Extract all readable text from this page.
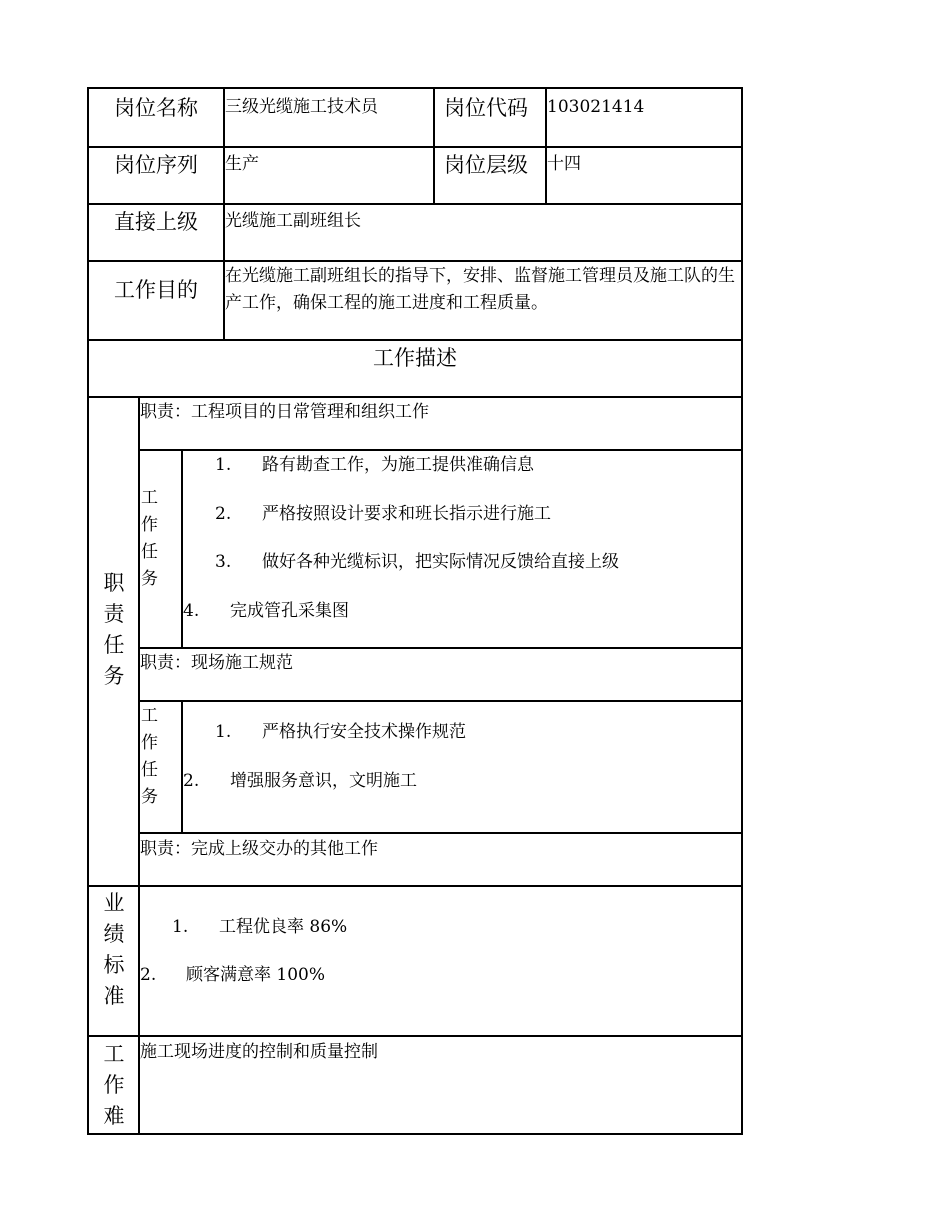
岗位名称 三级光缆施工技术员	岗位代码 103021414
岗位序列 生产	岗位层级 十四
直接上级 光缆施工副班组长
工作目的
在光缆施工副班组长的指导下，安排、监督施工管理员及施工队的生产工作，确保工程的施工进度和工程质量。
工作描述
职
责
任
务
职责：工程项目的日常管理和组织工作
工
作
任
务
1. 路有勘查工作，为施工提供准确信息
2. 严格按照设计要求和班长指示进行施工
3. 做好各种光缆标识，把实际情况反馈给直接上级
4. 完成管孔采集图
职责：现场施工规范
工
作
任
务
1. 严格执行安全技术操作规范
2. 增强服务意识，文明施工
职责：完成上级交办的其他工作
业
绩
标
准
1. 工程优良率 86%
2. 顾客满意率 100%
工
作
难
施工现场进度的控制和质量控制
